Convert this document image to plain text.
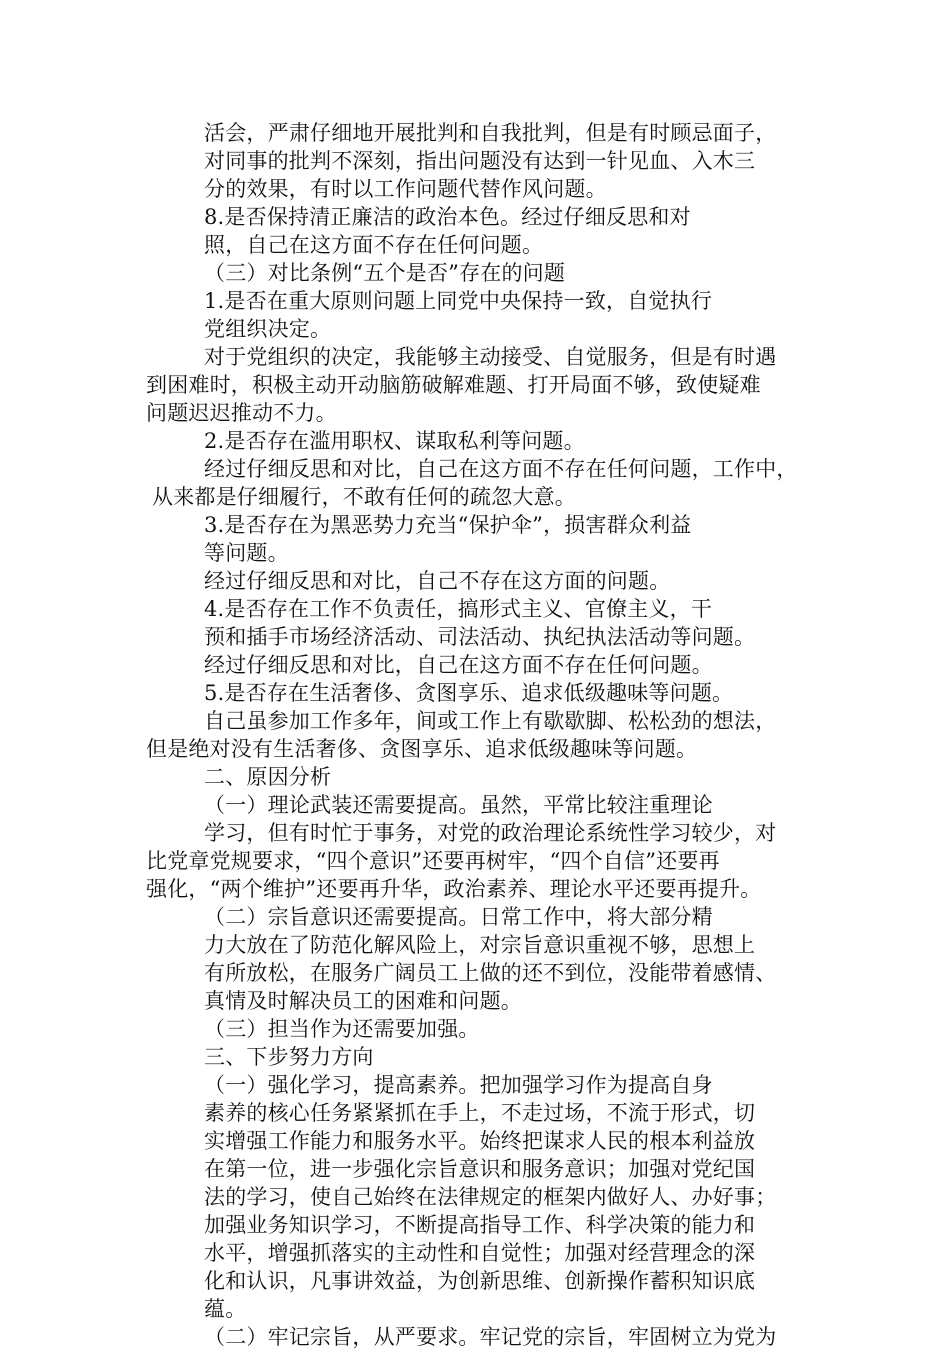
活会，严肃仔细地开展批判和自我批判，但是有时顾忌面子，
对同事的批判不深刻，指出问题没有达到一针见血、入木三
分的效果，有时以工作问题代替作风问题。
8.是否保持清正廉洁的政治本色。经过仔细反思和对
照，自己在这方面不存在任何问题。
（三）对比条例“五个是否”存在的问题
1.是否在重大原则问题上同党中央保持一致，自觉执行
党组织决定。
对于党组织的决定，我能够主动接受、自觉服务，但是有时遇
到困难时，积极主动开动脑筋破解难题、打开局面不够，致使疑难
问题迟迟推动不力。
2.是否存在滥用职权、谋取私利等问题。
经过仔细反思和对比，自己在这方面不存在任何问题，工作中，
从来都是仔细履行，不敢有任何的疏忽大意。
3.是否存在为黑恶势力充当“保护伞”，损害群众利益
等问题。
经过仔细反思和对比，自己不存在这方面的问题。
4.是否存在工作不负责任，搞形式主义、官僚主义，干
预和插手市场经济活动、司法活动、执纪执法活动等问题。
经过仔细反思和对比，自己在这方面不存在任何问题。
5.是否存在生活奢侈、贪图享乐、追求低级趣味等问题。
自己虽参加工作多年，间或工作上有歇歇脚、松松劲的想法，
但是绝对没有生活奢侈、贪图享乐、追求低级趣味等问题。
二、原因分析
（一）理论武装还需要提高。虽然，平常比较注重理论
学习，但有时忙于事务，对党的政治理论系统性学习较少，对
比党章党规要求，“四个意识”还要再树牢，“四个自信”还要再
强化，“两个维护”还要再升华，政治素养、理论水平还要再提升。
（二）宗旨意识还需要提高。日常工作中，将大部分精
力大放在了防范化解风险上，对宗旨意识重视不够，思想上
有所放松，在服务广阔员工上做的还不到位，没能带着感情、
真情及时解决员工的困难和问题。
（三）担当作为还需要加强。
三、下步努力方向
（一）强化学习，提高素养。把加强学习作为提高自身
素养的核心任务紧紧抓在手上，不走过场，不流于形式，切
实增强工作能力和服务水平。始终把谋求人民的根本利益放
在第一位，进一步强化宗旨意识和服务意识；加强对党纪国
法的学习，使自己始终在法律规定的框架内做好人、办好事；
加强业务知识学习，不断提高指导工作、科学决策的能力和
水平，增强抓落实的主动性和自觉性；加强对经营理念的深
化和认识，凡事讲效益，为创新思维、创新操作蓄积知识底
蕴。
（二）牢记宗旨，从严要求。牢记党的宗旨，牢固树立为党为
